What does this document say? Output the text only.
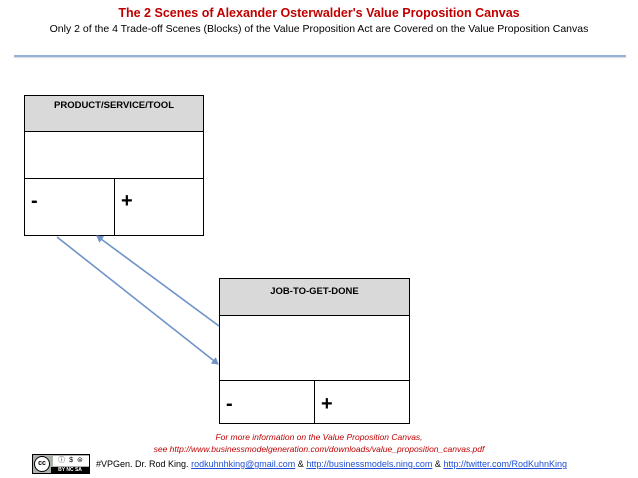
The 2 Scenes of Alexander Osterwalder's Value Proposition Canvas
Only 2 of the 4 Trade-off Scenes (Blocks) of the Value Proposition Act are Covered on the Value Proposition Canvas
PRODUCT/SERVICE/TOOL
-	+
JOB-TO-GET-DONE
-	+
For more information on the Value Proposition Canvas,
see http://www.businessmodelgeneration.com/downloads/value_proposition_canvas.pdf
cc	ⓘ $ ⊜
BY NC SA
#VPGen. Dr. Rod King. rodkuhnhking@gmail.com & http://businessmodels.ning.com & http://twitter.com/RodKuhnKing
